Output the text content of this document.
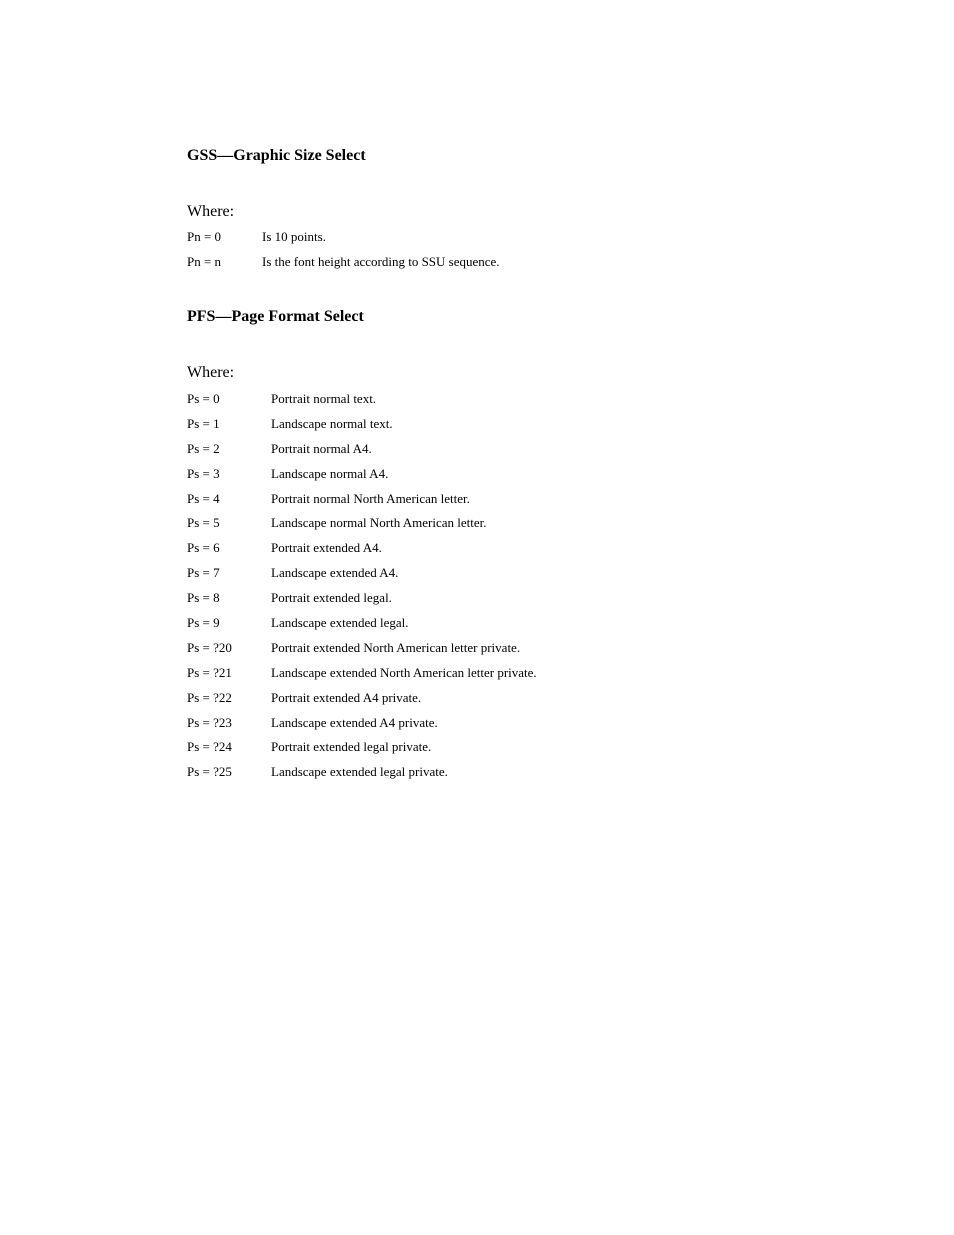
GSS—Graphic Size Select
Where:
Pn = 0	Is 10 points.
Pn = n	Is the font height according to SSU sequence.
PFS—Page Format Select
Where:
Ps = 0	Portrait normal text.
Ps = 1	Landscape normal text.
Ps = 2	Portrait normal A4.
Ps = 3	Landscape normal A4.
Ps = 4	Portrait normal North American letter.
Ps = 5	Landscape normal North American letter.
Ps = 6	Portrait extended A4.
Ps = 7	Landscape extended A4.
Ps = 8	Portrait extended legal.
Ps = 9	Landscape extended legal.
Ps = ?20	Portrait extended North American letter private.
Ps = ?21	Landscape extended North American letter private.
Ps = ?22	Portrait extended A4 private.
Ps = ?23	Landscape extended A4 private.
Ps = ?24	Portrait extended legal private.
Ps = ?25	Landscape extended legal private.
